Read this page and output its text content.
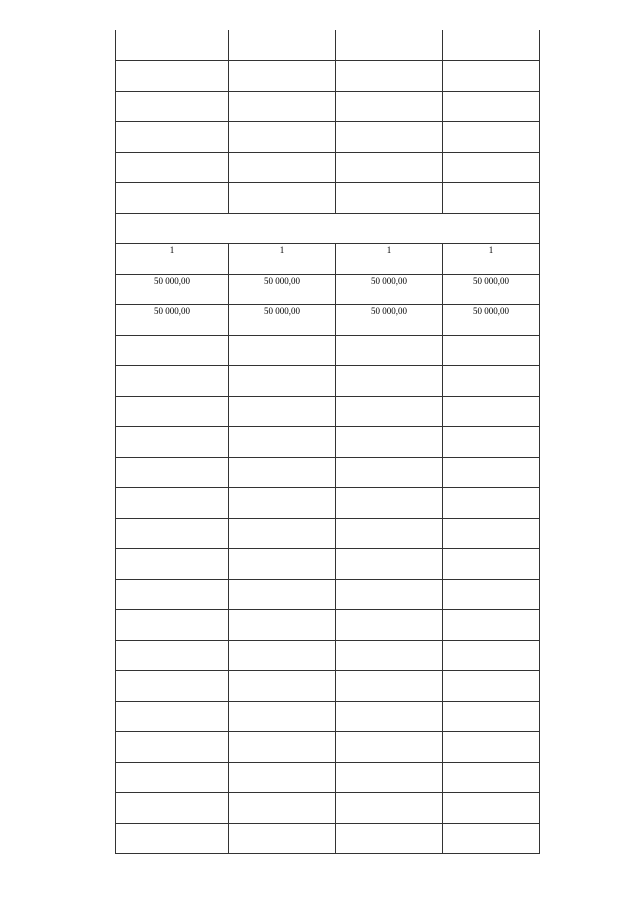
1	1	1	1
50 000,00	50 000,00	50 000,00	50 000,00
50 000,00	50 000,00	50 000,00	50 000,00
